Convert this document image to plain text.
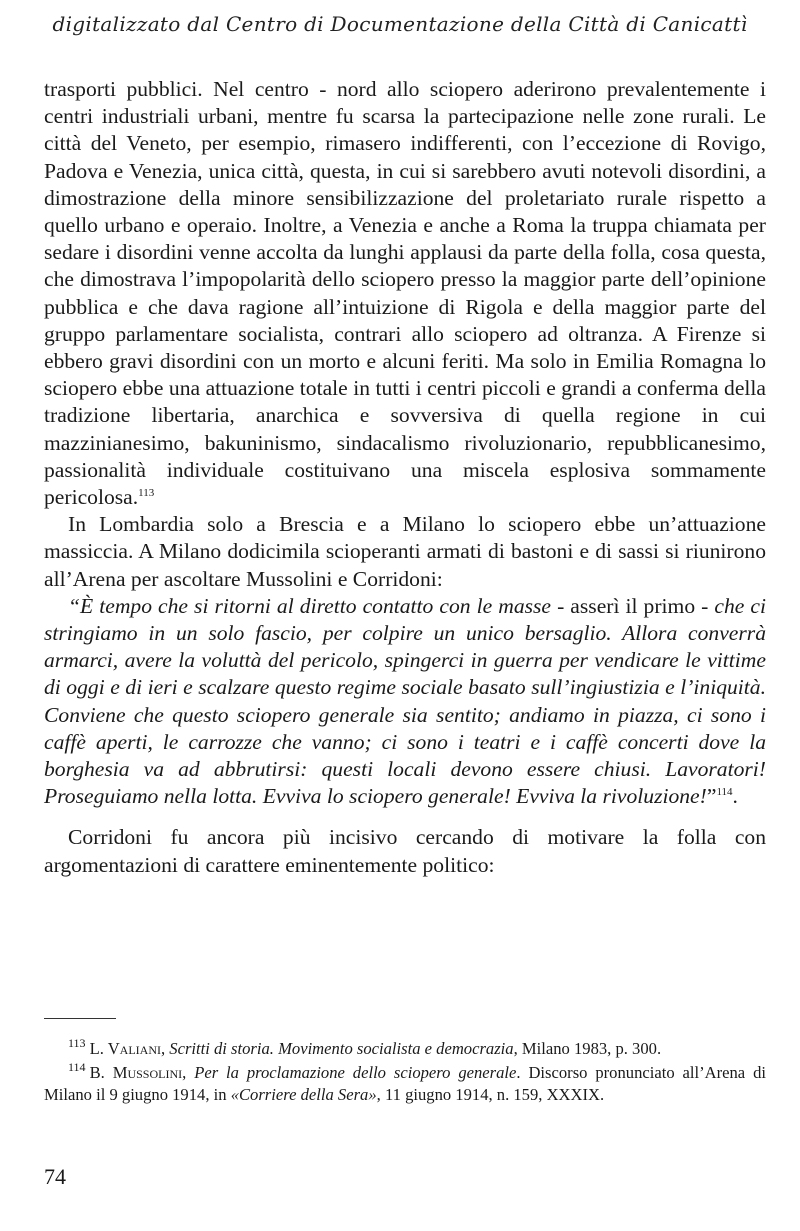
digitalizzato dal Centro di Documentazione della Città di Canicattì

trasporti pubblici. Nel centro - nord allo sciopero aderirono prevalentemente i centri industriali urbani, mentre fu scarsa la partecipazione nelle zone rurali. Le città del Veneto, per esempio, rimasero indifferenti, con l’eccezione di Rovigo, Padova e Venezia, unica città, questa, in cui si sarebbero avuti notevoli disordini, a dimostrazione della minore sensibilizzazione del proletariato rurale rispetto a quello urbano e operaio. Inoltre, a Venezia e anche a Roma la truppa chiamata per sedare i disordini venne accolta da lunghi applausi da parte della folla, cosa questa, che dimostrava l’impopolarità dello sciopero presso la maggior parte dell’opinione pubblica e che dava ragione all’intuizione di Rigola e della maggior parte del gruppo parlamentare socialista, contrari allo sciopero ad oltranza. A Firenze si ebbero gravi disordini con un morto e alcuni feriti. Ma solo in Emilia Romagna lo sciopero ebbe una attuazione totale in tutti i centri piccoli e grandi a conferma della tradizione libertaria, anarchica e sovversiva di quella regione in cui mazzinianesimo, bakuninismo, sindacalismo rivoluzionario, repubblicanesimo, passionalità individuale costituivano una miscela esplosiva sommamente pericolosa.$^{113}$

In Lombardia solo a Brescia e a Milano lo sciopero ebbe un’attuazione massiccia. A Milano dodicimila scioperanti armati di bastoni e di sassi si riunirono all’Arena per ascoltare Mussolini e Corridoni:

“È tempo che si ritorni al diretto contatto con le masse - asserì il primo - che ci stringiamo in un solo fascio, per colpire un unico bersaglio. Allora converrà armarci, avere la voluttà del pericolo, spingerci in guerra per vendicare le vittime di oggi e di ieri e scalzare questo regime sociale basato sull’ingiustizia e l’iniquità. Conviene che questo sciopero generale sia sentito; andiamo in piazza, ci sono i caffè aperti, le carrozze che vanno; ci sono i teatri e i caffè concerti dove la borghesia va ad abbrutirsi: questi locali devono essere chiusi. Lavoratori! Proseguiamo nella lotta. Evviva lo sciopero generale! Evviva la rivoluzione!”$^{114}$.

Corridoni fu ancora più incisivo cercando di motivare la folla con argomentazioni di carattere eminentemente politico:

$^{113}$ L. Valiani, Scritti di storia. Movimento socialista e democrazia, Milano 1983, p. 300.

$^{114}$ B. Mussolini, Per la proclamazione dello sciopero generale. Discorso pronunciato all’Arena di Milano il 9 giugno 1914, in «Corriere della Sera», 11 giugno 1914, n. 159, XXXIX.

74
